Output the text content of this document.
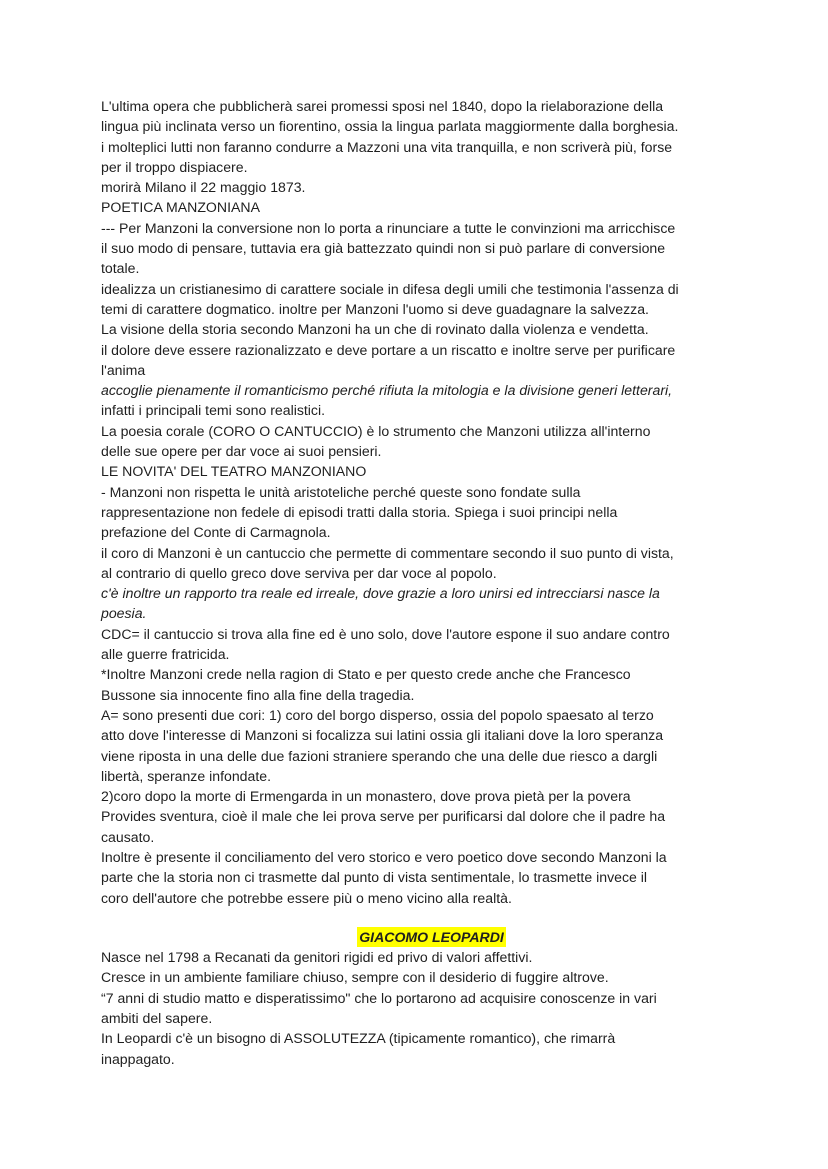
L'ultima opera che pubblicherà sarei promessi sposi nel 1840, dopo la rielaborazione della

lingua più inclinata verso un fiorentino, ossia la lingua parlata maggiormente dalla borghesia.

i molteplici lutti non faranno condurre a Mazzoni una vita tranquilla, e non scriverà più, forse

per il troppo dispiacere.

morirà Milano il 22 maggio 1873.

POETICA MANZONIANA

--- Per Manzoni la conversione non lo porta a rinunciare a tutte le convinzioni ma arricchisce

il suo modo di pensare, tuttavia era già battezzato quindi non si può parlare di conversione

totale.

idealizza un cristianesimo di carattere sociale in difesa degli umili che testimonia l'assenza di

temi di carattere dogmatico. inoltre per Manzoni l'uomo si deve guadagnare la salvezza.

La visione della storia secondo Manzoni ha un che di rovinato dalla violenza e vendetta.

il dolore deve essere razionalizzato e deve portare a un riscatto e inoltre serve per purificare

l'anima

accoglie pienamente il romanticismo perché rifiuta la mitologia e la divisione generi letterari,

infatti i principali temi sono realistici.

La poesia corale (CORO O CANTUCCIO) è lo strumento che Manzoni utilizza all'interno

delle sue opere per dar voce ai suoi pensieri.

LE NOVITA' DEL TEATRO MANZONIANO

- Manzoni non rispetta le unità aristoteliche perché queste sono fondate sulla

rappresentazione non fedele di episodi tratti dalla storia. Spiega i suoi principi nella

prefazione del Conte di Carmagnola.

il coro di Manzoni è un cantuccio che permette di commentare secondo il suo punto di vista,

al contrario di quello greco dove serviva per dar voce al popolo.

c'è inoltre un rapporto tra reale ed irreale, dove grazie a loro unirsi ed intrecciarsi nasce la

poesia.

CDC= il cantuccio si trova alla fine ed è uno solo, dove l'autore espone il suo andare contro

alle guerre fratricida.

*Inoltre Manzoni crede nella ragion di Stato e per questo crede anche che Francesco

Bussone sia innocente fino alla fine della tragedia.

A= sono presenti due cori: 1) coro del borgo disperso, ossia del popolo spaesato al terzo

atto dove l'interesse di Manzoni si focalizza sui latini ossia gli italiani dove la loro speranza

viene riposta in una delle due fazioni straniere sperando che una delle due riesco a dargli

libertà, speranze infondate.

2)coro dopo la morte di Ermengarda in un monastero, dove prova pietà per la povera

Provides sventura, cioè il male che lei prova serve per purificarsi dal dolore che il padre ha

causato.

Inoltre è presente il conciliamento del vero storico e vero poetico dove secondo Manzoni la

parte che la storia non ci trasmette dal punto di vista sentimentale, lo trasmette invece il

coro dell'autore che potrebbe essere più o meno vicino alla realtà.

GIACOMO LEOPARDI

Nasce nel 1798 a Recanati da genitori rigidi ed privo di valori affettivi.

Cresce in un ambiente familiare chiuso, sempre con il desiderio di fuggire altrove.

“7 anni di studio matto e disperatissimo" che lo portarono ad acquisire conoscenze in vari

ambiti del sapere.

In Leopardi c'è un bisogno di ASSOLUTEZZA (tipicamente romantico), che rimarrà

inappagato.
